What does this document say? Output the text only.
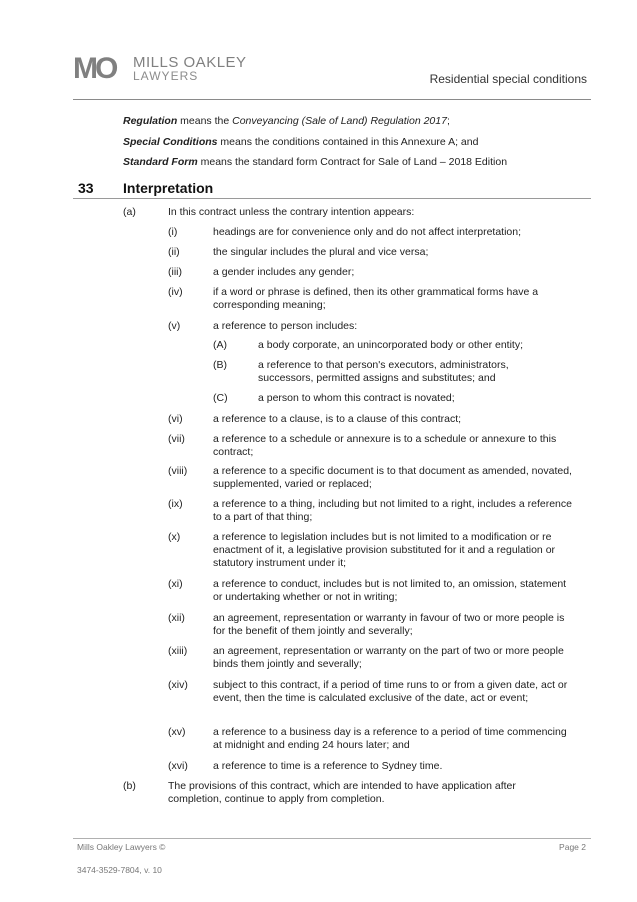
MO MILLS OAKLEY
LAWYERS	Residential special conditions
Regulation means the Conveyancing (Sale of Land) Regulation 2017;
Special Conditions means the conditions contained in this Annexure A; and
Standard Form means the standard form Contract for Sale of Land – 2018 Edition
33 Interpretation
(a)	In this contract unless the contrary intention appears:
(i)	headings are for convenience only and do not affect interpretation;
(ii)	the singular includes the plural and vice versa;
(iii)	a gender includes any gender;
(iv)	if a word or phrase is defined, then its other grammatical forms have a corresponding meaning;
(v)	a reference to person includes:
(A)	a body corporate, an unincorporated body or other entity;
(B)	a reference to that person's executors, administrators, successors, permitted assigns and substitutes; and
(C)	a person to whom this contract is novated;
(vi)	a reference to a clause, is to a clause of this contract;
(vii)	a reference to a schedule or annexure is to a schedule or annexure to this contract;
(viii) a reference to a specific document is to that document as amended, novated, supplemented, varied or replaced;
(ix)	a reference to a thing, including but not limited to a right, includes a reference to a part of that thing;
(x)	a reference to legislation includes but is not limited to a modification or re enactment of it, a legislative provision substituted for it and a regulation or statutory instrument under it;
(xi)	a reference to conduct, includes but is not limited to, an omission, statement or undertaking whether or not in writing;
(xii)	an agreement, representation or warranty in favour of two or more people is for the benefit of them jointly and severally;
(xiii) an agreement, representation or warranty on the part of two or more people binds them jointly and severally;
(xiv) subject to this contract, if a period of time runs to or from a given date, act or event, then the time is calculated exclusive of the date, act or event;
(xv)	a reference to a business day is a reference to a period of time commencing at midnight and ending 24 hours later; and
(xvi) a reference to time is a reference to Sydney time.
(b)	The provisions of this contract, which are intended to have application after completion, continue to apply from completion.
Mills Oakley Lawyers ©	Page 2
3474-3529-7804, v. 10
